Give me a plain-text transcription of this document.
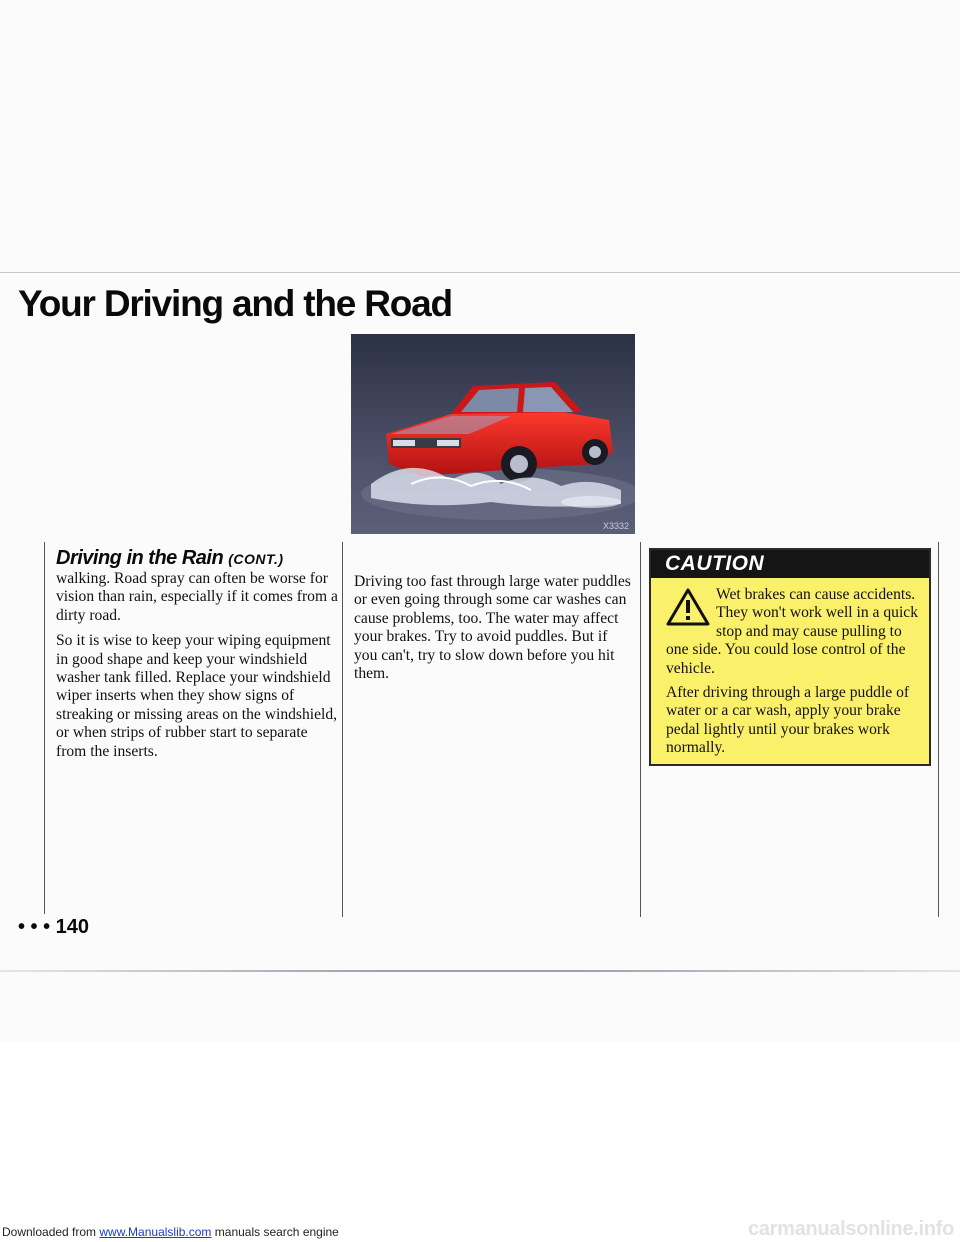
Your Driving and the Road
X3332
Driving in the Rain (CONT.)

walking. Road spray can often be worse for vision than rain, especially if it comes from a dirty road.

So it is wise to keep your wiping equipment in good shape and keep your windshield washer tank filled. Replace your windshield wiper inserts when they show signs of streaking or missing areas on the windshield, or when strips of rubber start to separate from the inserts.

Driving too fast through large water puddles or even going through some car washes can cause problems, too. The water may affect your brakes. Try to avoid puddles. But if you can't, try to slow down before you hit them.

CAUTION

Wet brakes can cause accidents. They won't work well in a quick stop and may cause pulling to one side. You could lose control of the vehicle.

After driving through a large puddle of water or a car wash, apply your brake pedal lightly until your brakes work normally.

• • • 140
Downloaded from www.Manualslib.com manuals search engine	carmanualsonline.info
